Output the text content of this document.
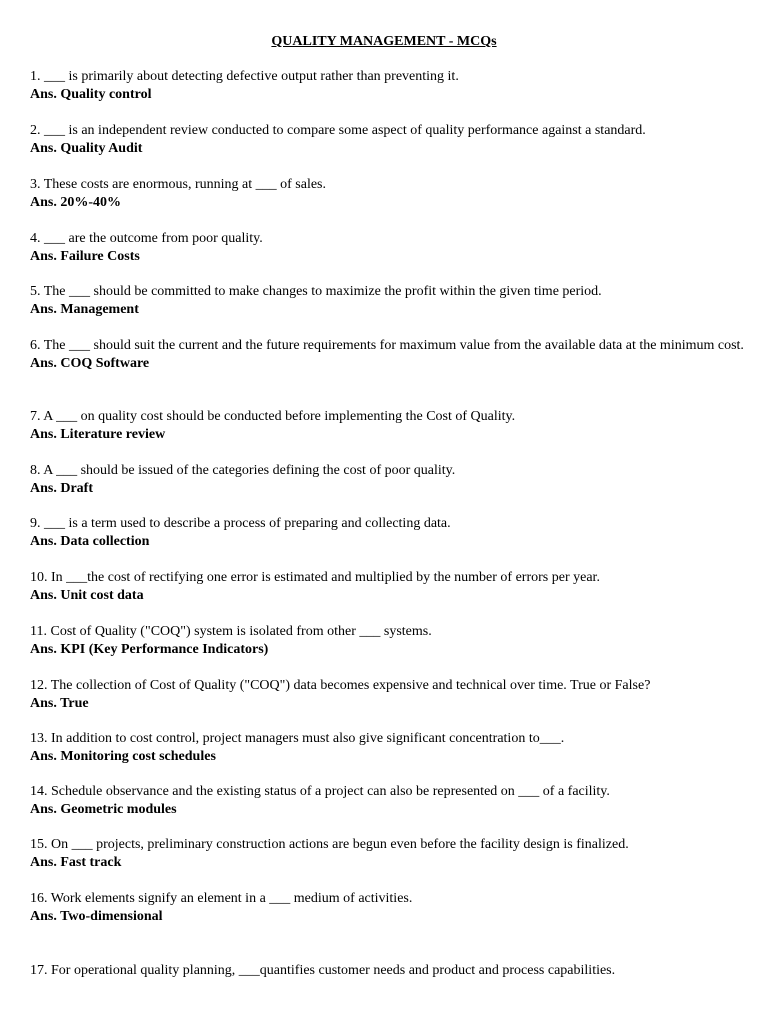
QUALITY MANAGEMENT - MCQs
1. ___ is primarily about detecting defective output rather than preventing it.
Ans. Quality control
2. ___ is an independent review conducted to compare some aspect of quality performance against a standard.
Ans. Quality Audit
3. These costs are enormous, running at ___ of sales.
Ans. 20%-40%
4. ___ are the outcome from poor quality.
Ans. Failure Costs
5. The ___ should be committed to make changes to maximize the profit within the given time period.
Ans. Management
6. The ___ should suit the current and the future requirements for maximum value from the available data at the minimum cost.
Ans. COQ Software
7. A ___ on quality cost should be conducted before implementing the Cost of Quality.
Ans. Literature review
8. A ___ should be issued of the categories defining the cost of poor quality.
Ans. Draft
9. ___ is a term used to describe a process of preparing and collecting data.
Ans. Data collection
10. In ___the cost of rectifying one error is estimated and multiplied by the number of errors per year.
Ans. Unit cost data
11. Cost of Quality ("COQ") system is isolated from other ___ systems.
Ans. KPI (Key Performance Indicators)
12. The collection of Cost of Quality ("COQ") data becomes expensive and technical over time. True or False?
Ans. True
13. In addition to cost control, project managers must also give significant concentration to___.
Ans. Monitoring cost schedules
14. Schedule observance and the existing status of a project can also be represented on ___ of a facility.
Ans. Geometric modules
15. On ___ projects, preliminary construction actions are begun even before the facility design is finalized.
Ans. Fast track
16. Work elements signify an element in a ___ medium of activities.
Ans. Two-dimensional
17. For operational quality planning, ___quantifies customer needs and product and process capabilities.
